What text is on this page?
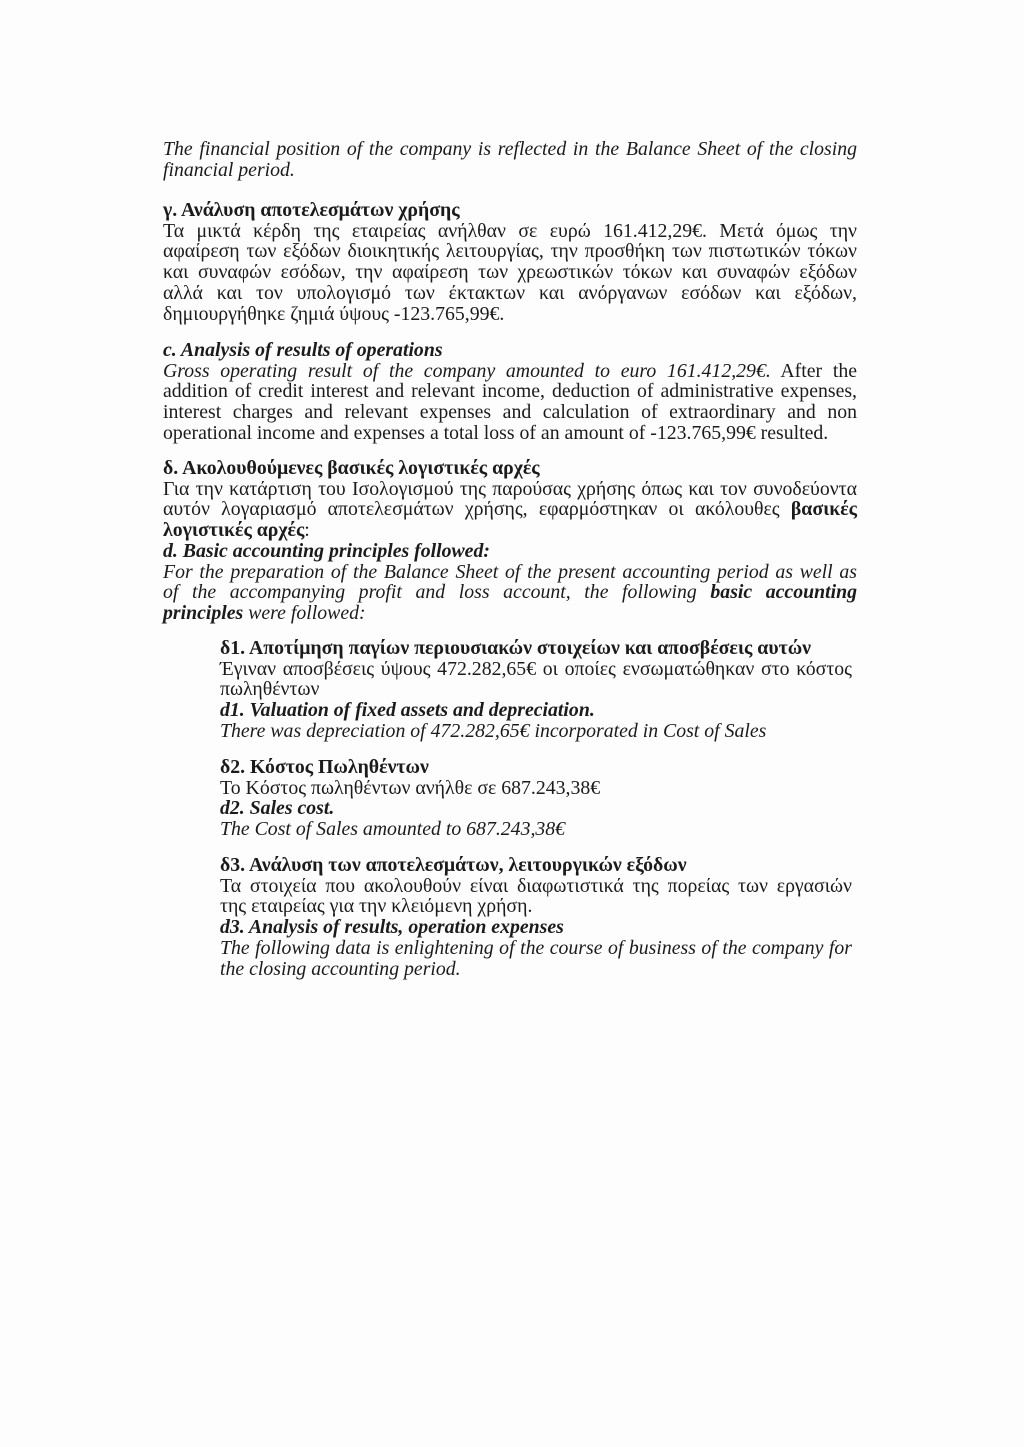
The financial position of the company is reflected in the Balance Sheet of the closing
financial period.
γ. Ανάλυση αποτελεσμάτων χρήσης
Τα μικτά κέρδη της εταιρείας ανήλθαν σε ευρώ 161.412,29€. Μετά όμως την
αφαίρεση των εξόδων διοικητικής λειτουργίας, την προσθήκη των πιστωτικών τόκων
και συναφών εσόδων, την αφαίρεση των χρεωστικών τόκων και συναφών εξόδων
αλλά και τον υπολογισμό των έκτακτων και ανόργανων εσόδων και εξόδων,
δημιουργήθηκε ζημιά ύψους -123.765,99€.
c. Analysis of results of operations
Gross operating result of the company amounted to euro 161.412,29€. After the
addition of credit interest and relevant income, deduction of administrative expenses,
interest charges and relevant expenses and calculation of extraordinary and non
operational income and expenses a total loss of an amount of -123.765,99€ resulted.
δ. Ακολουθούμενες βασικές λογιστικές αρχές
Για την κατάρτιση του Ισολογισμού της παρούσας χρήσης όπως και τον συνοδεύοντα
αυτόν λογαριασμό αποτελεσμάτων χρήσης, εφαρμόστηκαν οι ακόλουθες βασικές
λογιστικές αρχές:
d. Basic accounting principles followed:
For the preparation of the Balance Sheet of the present accounting period as well as
of the accompanying profit and loss account, the following basic accounting
principles were followed:
δ1. Αποτίμηση παγίων περιουσιακών στοιχείων και αποσβέσεις αυτών
Έγιναν αποσβέσεις ύψους 472.282,65€ οι οποίες ενσωματώθηκαν στο κόστος
πωληθέντων
d1. Valuation of fixed assets and depreciation.
There was depreciation of 472.282,65€ incorporated in Cost of Sales
δ2. Κόστος Πωληθέντων
Το Κόστος πωληθέντων ανήλθε σε 687.243,38€
d2. Sales cost.
The Cost of Sales amounted to 687.243,38€
δ3. Ανάλυση των αποτελεσμάτων, λειτουργικών εξόδων
Τα στοιχεία που ακολουθούν είναι διαφωτιστικά της πορείας των εργασιών
της εταιρείας για την κλειόμενη χρήση.
d3. Analysis of results, operation expenses
The following data is enlightening of the course of business of the company for
the closing accounting period.
